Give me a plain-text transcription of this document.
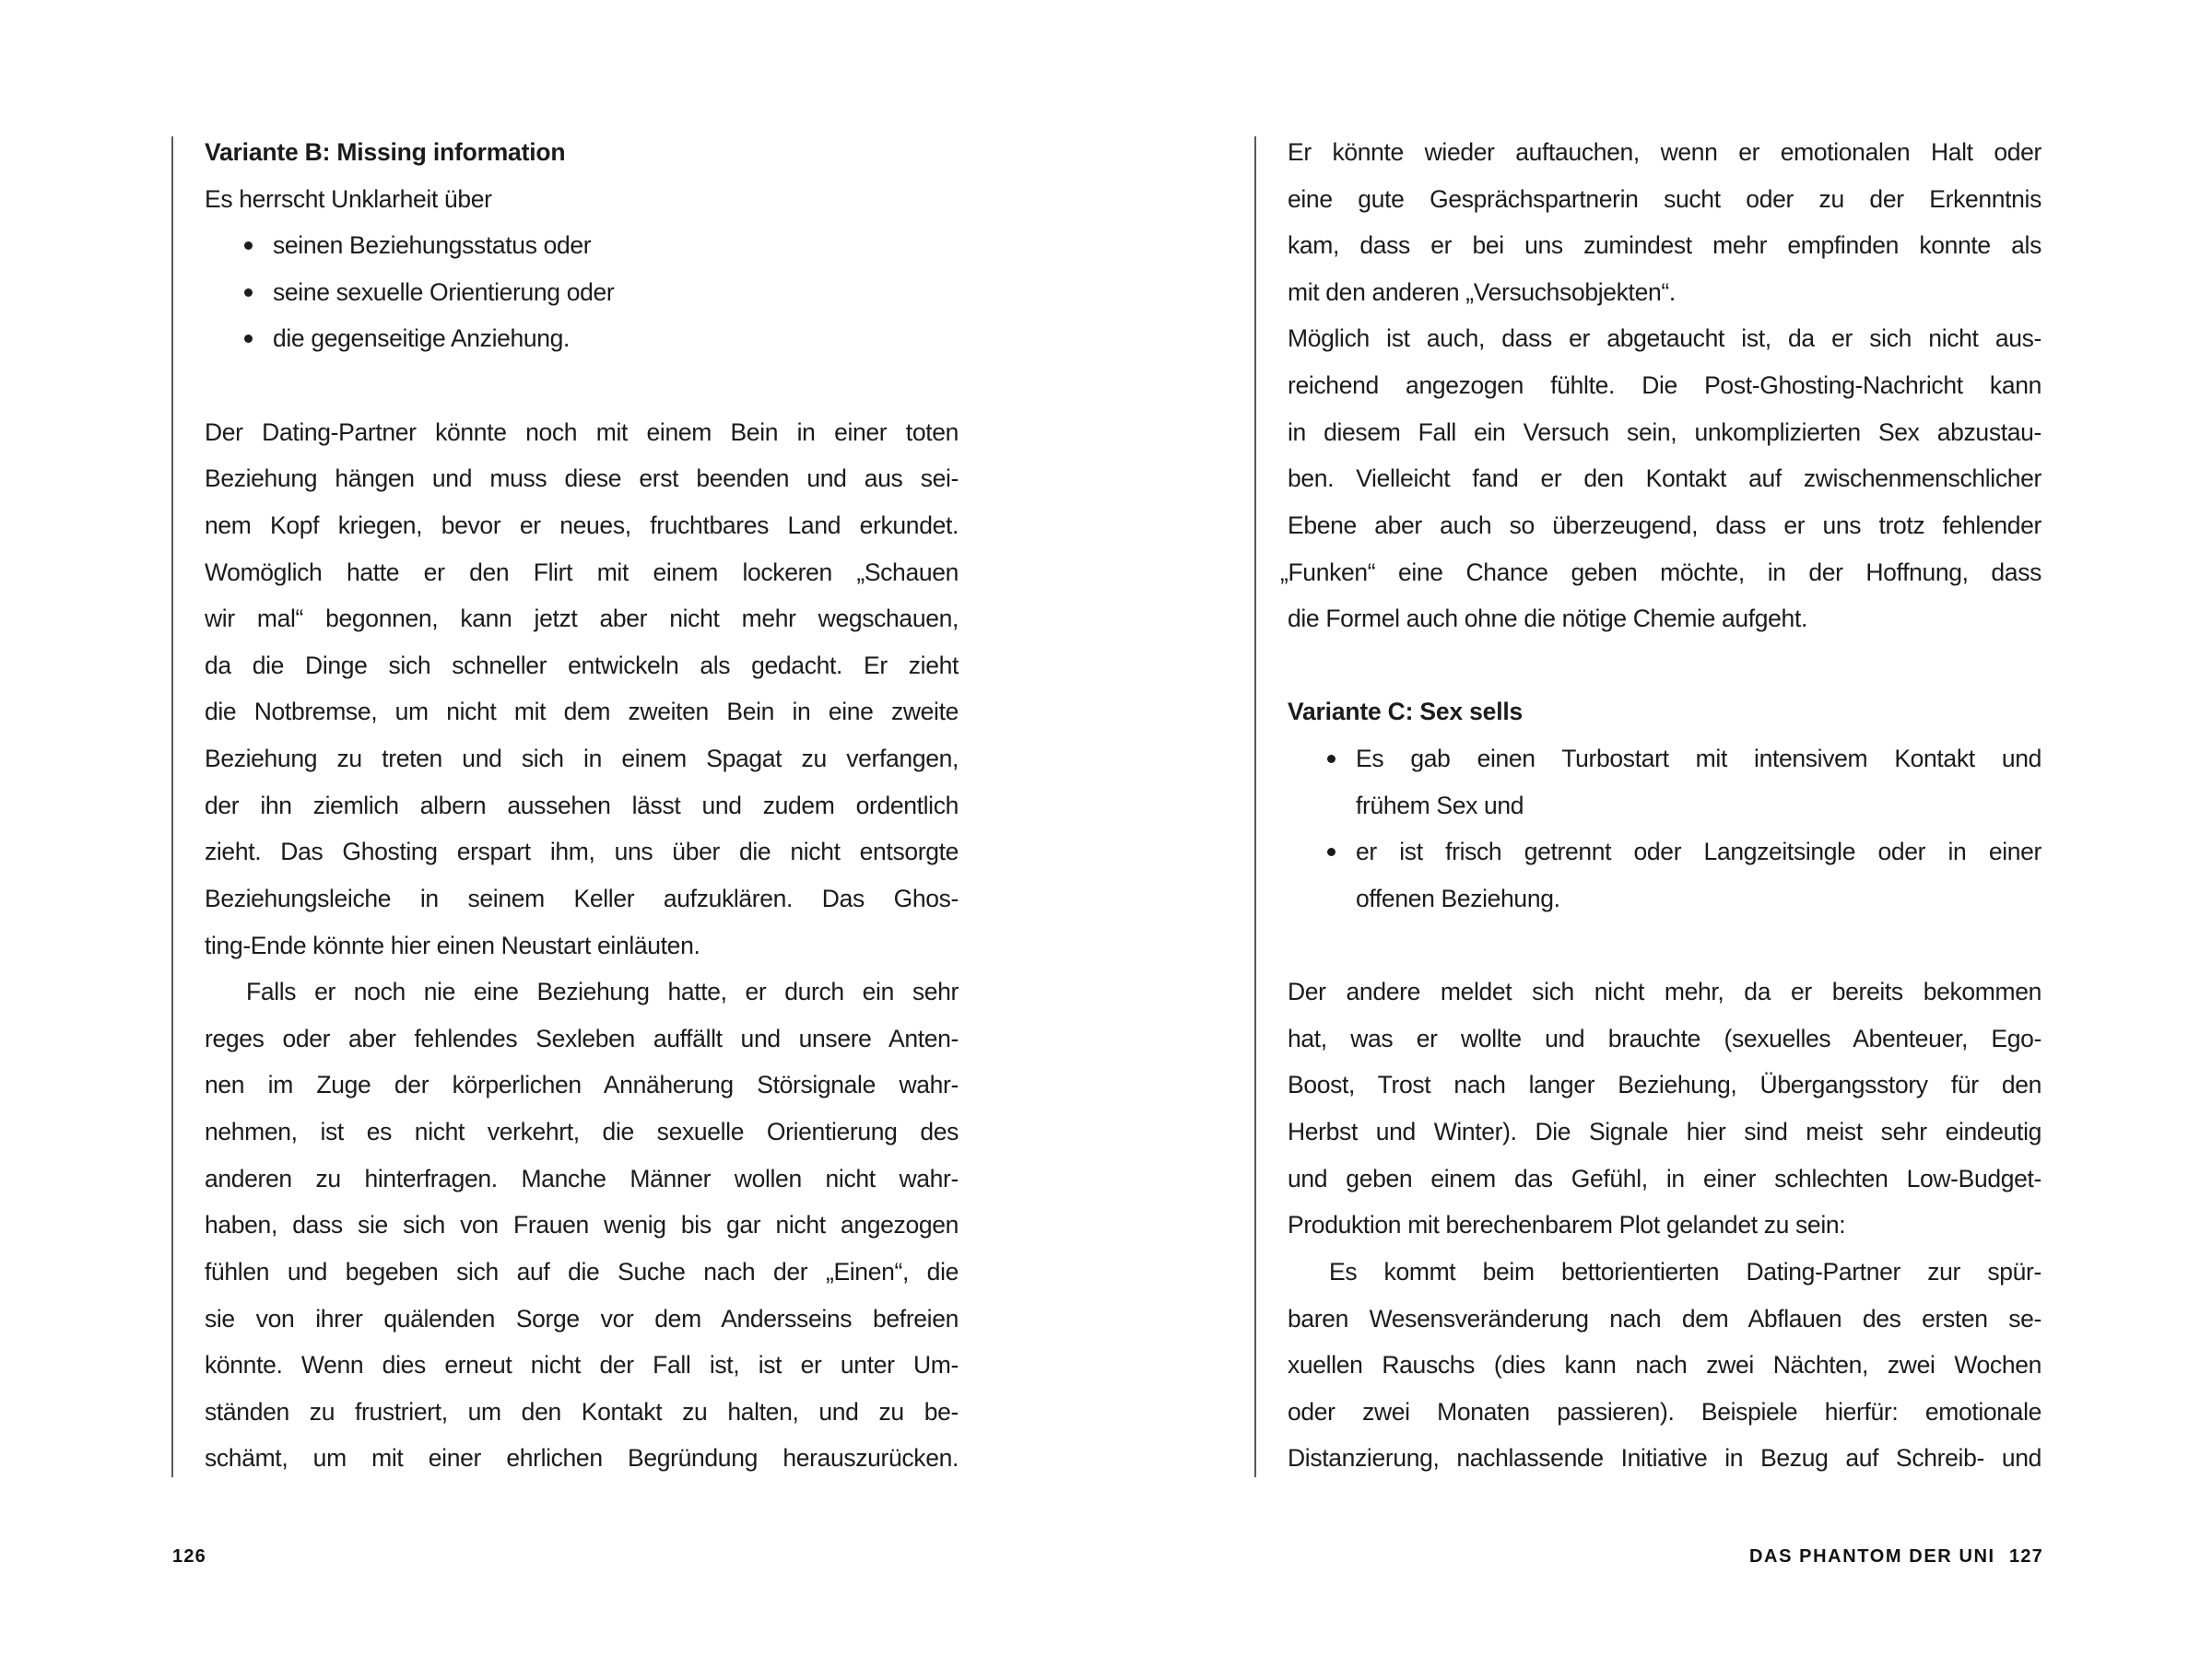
Variante B: Missing information
Es herrscht Unklarheit über
seinen Beziehungsstatus oder
seine sexuelle Orientierung oder
die gegenseitige Anziehung.
Der Dating-Partner könnte noch mit einem Bein in einer toten
Beziehung hängen und muss diese erst beenden und aus sei-
nem Kopf kriegen, bevor er neues, fruchtbares Land erkundet.
Womöglich hatte er den Flirt mit einem lockeren „Schauen
wir mal“ begonnen, kann jetzt aber nicht mehr wegschauen,
da die Dinge sich schneller entwickeln als gedacht. Er zieht
die Notbremse, um nicht mit dem zweiten Bein in eine zweite
Beziehung zu treten und sich in einem Spagat zu verfangen,
der ihn ziemlich albern aussehen lässt und zudem ordentlich
zieht. Das Ghosting erspart ihm, uns über die nicht entsorgte
Beziehungsleiche in seinem Keller aufzuklären. Das Ghos-
ting-Ende könnte hier einen Neustart einläuten.
Falls er noch nie eine Beziehung hatte, er durch ein sehr
reges oder aber fehlendes Sexleben auffällt und unsere Anten-
nen im Zuge der körperlichen Annäherung Störsignale wahr-
nehmen, ist es nicht verkehrt, die sexuelle Orientierung des
anderen zu hinterfragen. Manche Männer wollen nicht wahr-
haben, dass sie sich von Frauen wenig bis gar nicht angezogen
fühlen und begeben sich auf die Suche nach der „Einen“, die
sie von ihrer quälenden Sorge vor dem Andersseins befreien
könnte. Wenn dies erneut nicht der Fall ist, ist er unter Um-
ständen zu frustriert, um den Kontakt zu halten, und zu be-
schämt, um mit einer ehrlichen Begründung herauszurücken.
126
Er könnte wieder auftauchen, wenn er emotionalen Halt oder
eine gute Gesprächspartnerin sucht oder zu der Erkenntnis
kam, dass er bei uns zumindest mehr empfinden konnte als
mit den anderen „Versuchsobjekten“.
Möglich ist auch, dass er abgetaucht ist, da er sich nicht aus-
reichend angezogen fühlte. Die Post-Ghosting-Nachricht kann
in diesem Fall ein Versuch sein, unkomplizierten Sex abzustau-
ben. Vielleicht fand er den Kontakt auf zwischenmenschlicher
Ebene aber auch so überzeugend, dass er uns trotz fehlender
„Funken“ eine Chance geben möchte, in der Hoffnung, dass
die Formel auch ohne die nötige Chemie aufgeht.
Variante C: Sex sells
Es gab einen Turbostart mit intensivem Kontakt und
frühem Sex und
er ist frisch getrennt oder Langzeitsingle oder in einer
offenen Beziehung.
Der andere meldet sich nicht mehr, da er bereits bekommen
hat, was er wollte und brauchte (sexuelles Abenteuer, Ego-
Boost, Trost nach langer Beziehung, Übergangsstory für den
Herbst und Winter). Die Signale hier sind meist sehr eindeutig
und geben einem das Gefühl, in einer schlechten Low-Budget-
Produktion mit berechenbarem Plot gelandet zu sein:
Es kommt beim bettorientierten Dating-Partner zur spür-
baren Wesensveränderung nach dem Abflauen des ersten se-
xuellen Rauschs (dies kann nach zwei Nächten, zwei Wochen
oder zwei Monaten passieren). Beispiele hierfür: emotionale
Distanzierung, nachlassende Initiative in Bezug auf Schreib- und
DAS PHANTOM DER UNI 127
